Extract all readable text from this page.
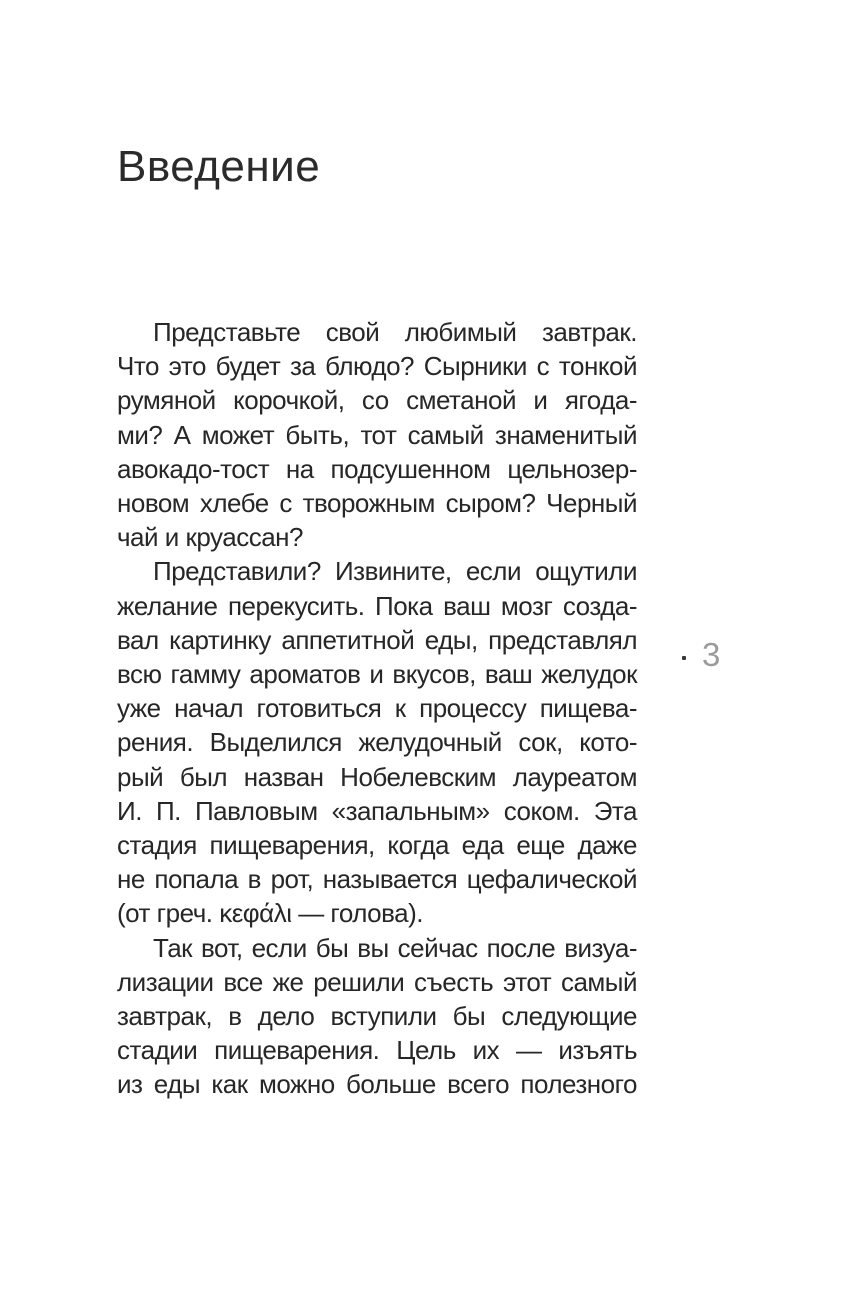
Введение
3
Представьте свой любимый завтрак.
Что это будет за блюдо? Сырники с тонкой
румяной корочкой, со сметаной и ягода-
ми? А может быть, тот самый знаменитый
авокадо-тост на подсушенном цельнозер-
новом хлебе с творожным сыром? Черный
чай и круассан?
Представили? Извините, если ощутили
желание перекусить. Пока ваш мозг созда-
вал картинку аппетитной еды, представлял
всю гамму ароматов и вкусов, ваш желудок
уже начал готовиться к процессу пищева-
рения. Выделился желудочный сок, кото-
рый был назван Нобелевским лауреатом
И. П. Павловым «запальным» соком. Эта
стадия пищеварения, когда еда еще даже
не попала в рот, называется цефалической
(от греч. κεφάλι — голова).
Так вот, если бы вы сейчас после визуа-
лизации все же решили съесть этот самый
завтрак, в дело вступили бы следующие
стадии пищеварения. Цель их — изъять
из еды как можно больше всего полезного
